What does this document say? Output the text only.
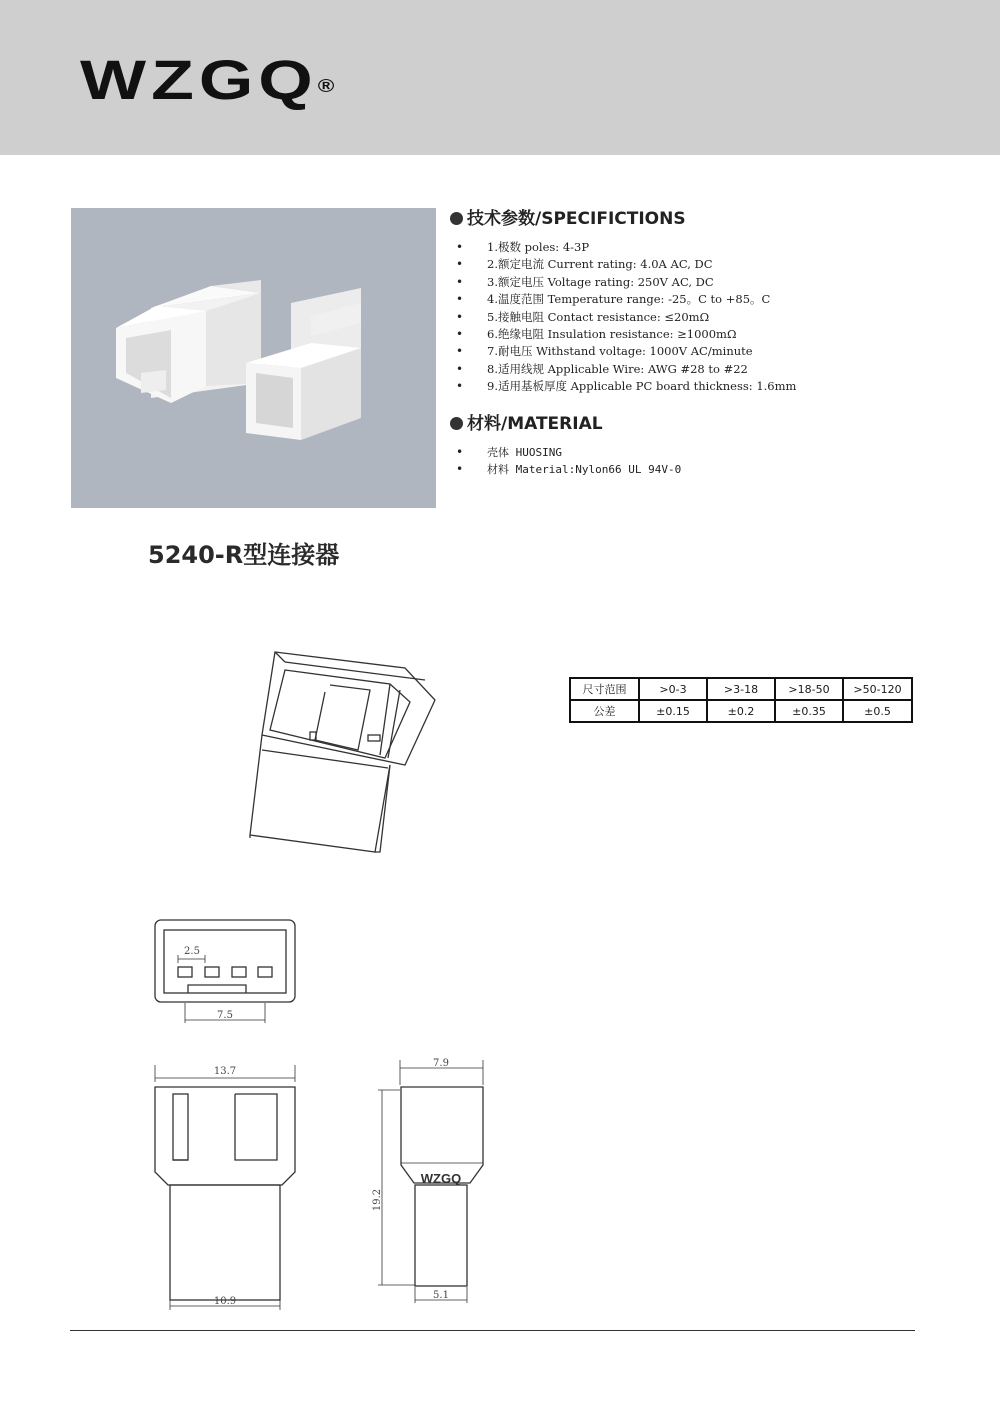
WZGQ®
技术参数/SPECIFICTIONS
• 1.极数 poles: 4-3P
• 2.额定电流 Current rating: 4.0A AC, DC
• 3.额定电压 Voltage rating: 250V AC, DC
• 4.温度范围 Temperature range: -25。C to +85。C
• 5.接触电阻 Contact resistance: ≤20mΩ
• 6.绝缘电阻 Insulation resistance: ≥1000mΩ
• 7.耐电压 Withstand voltage: 1000V AC/minute
• 8.适用线规 Applicable Wire: AWG #28 to #22
• 9.适用基板厚度 Applicable PC board thickness: 1.6mm
材料/MATERIAL
• 壳体 HUOSING
• 材料 Material:Nylon66 UL 94V-0
5240-R型连接器
2.5
7.5
13.7
10.9
7.9
WZGQ
19.2
5.1
尺寸范围	>0-3	>3-18	>18-50	>50-120
公差	±0.15	±0.2	±0.35	±0.5
